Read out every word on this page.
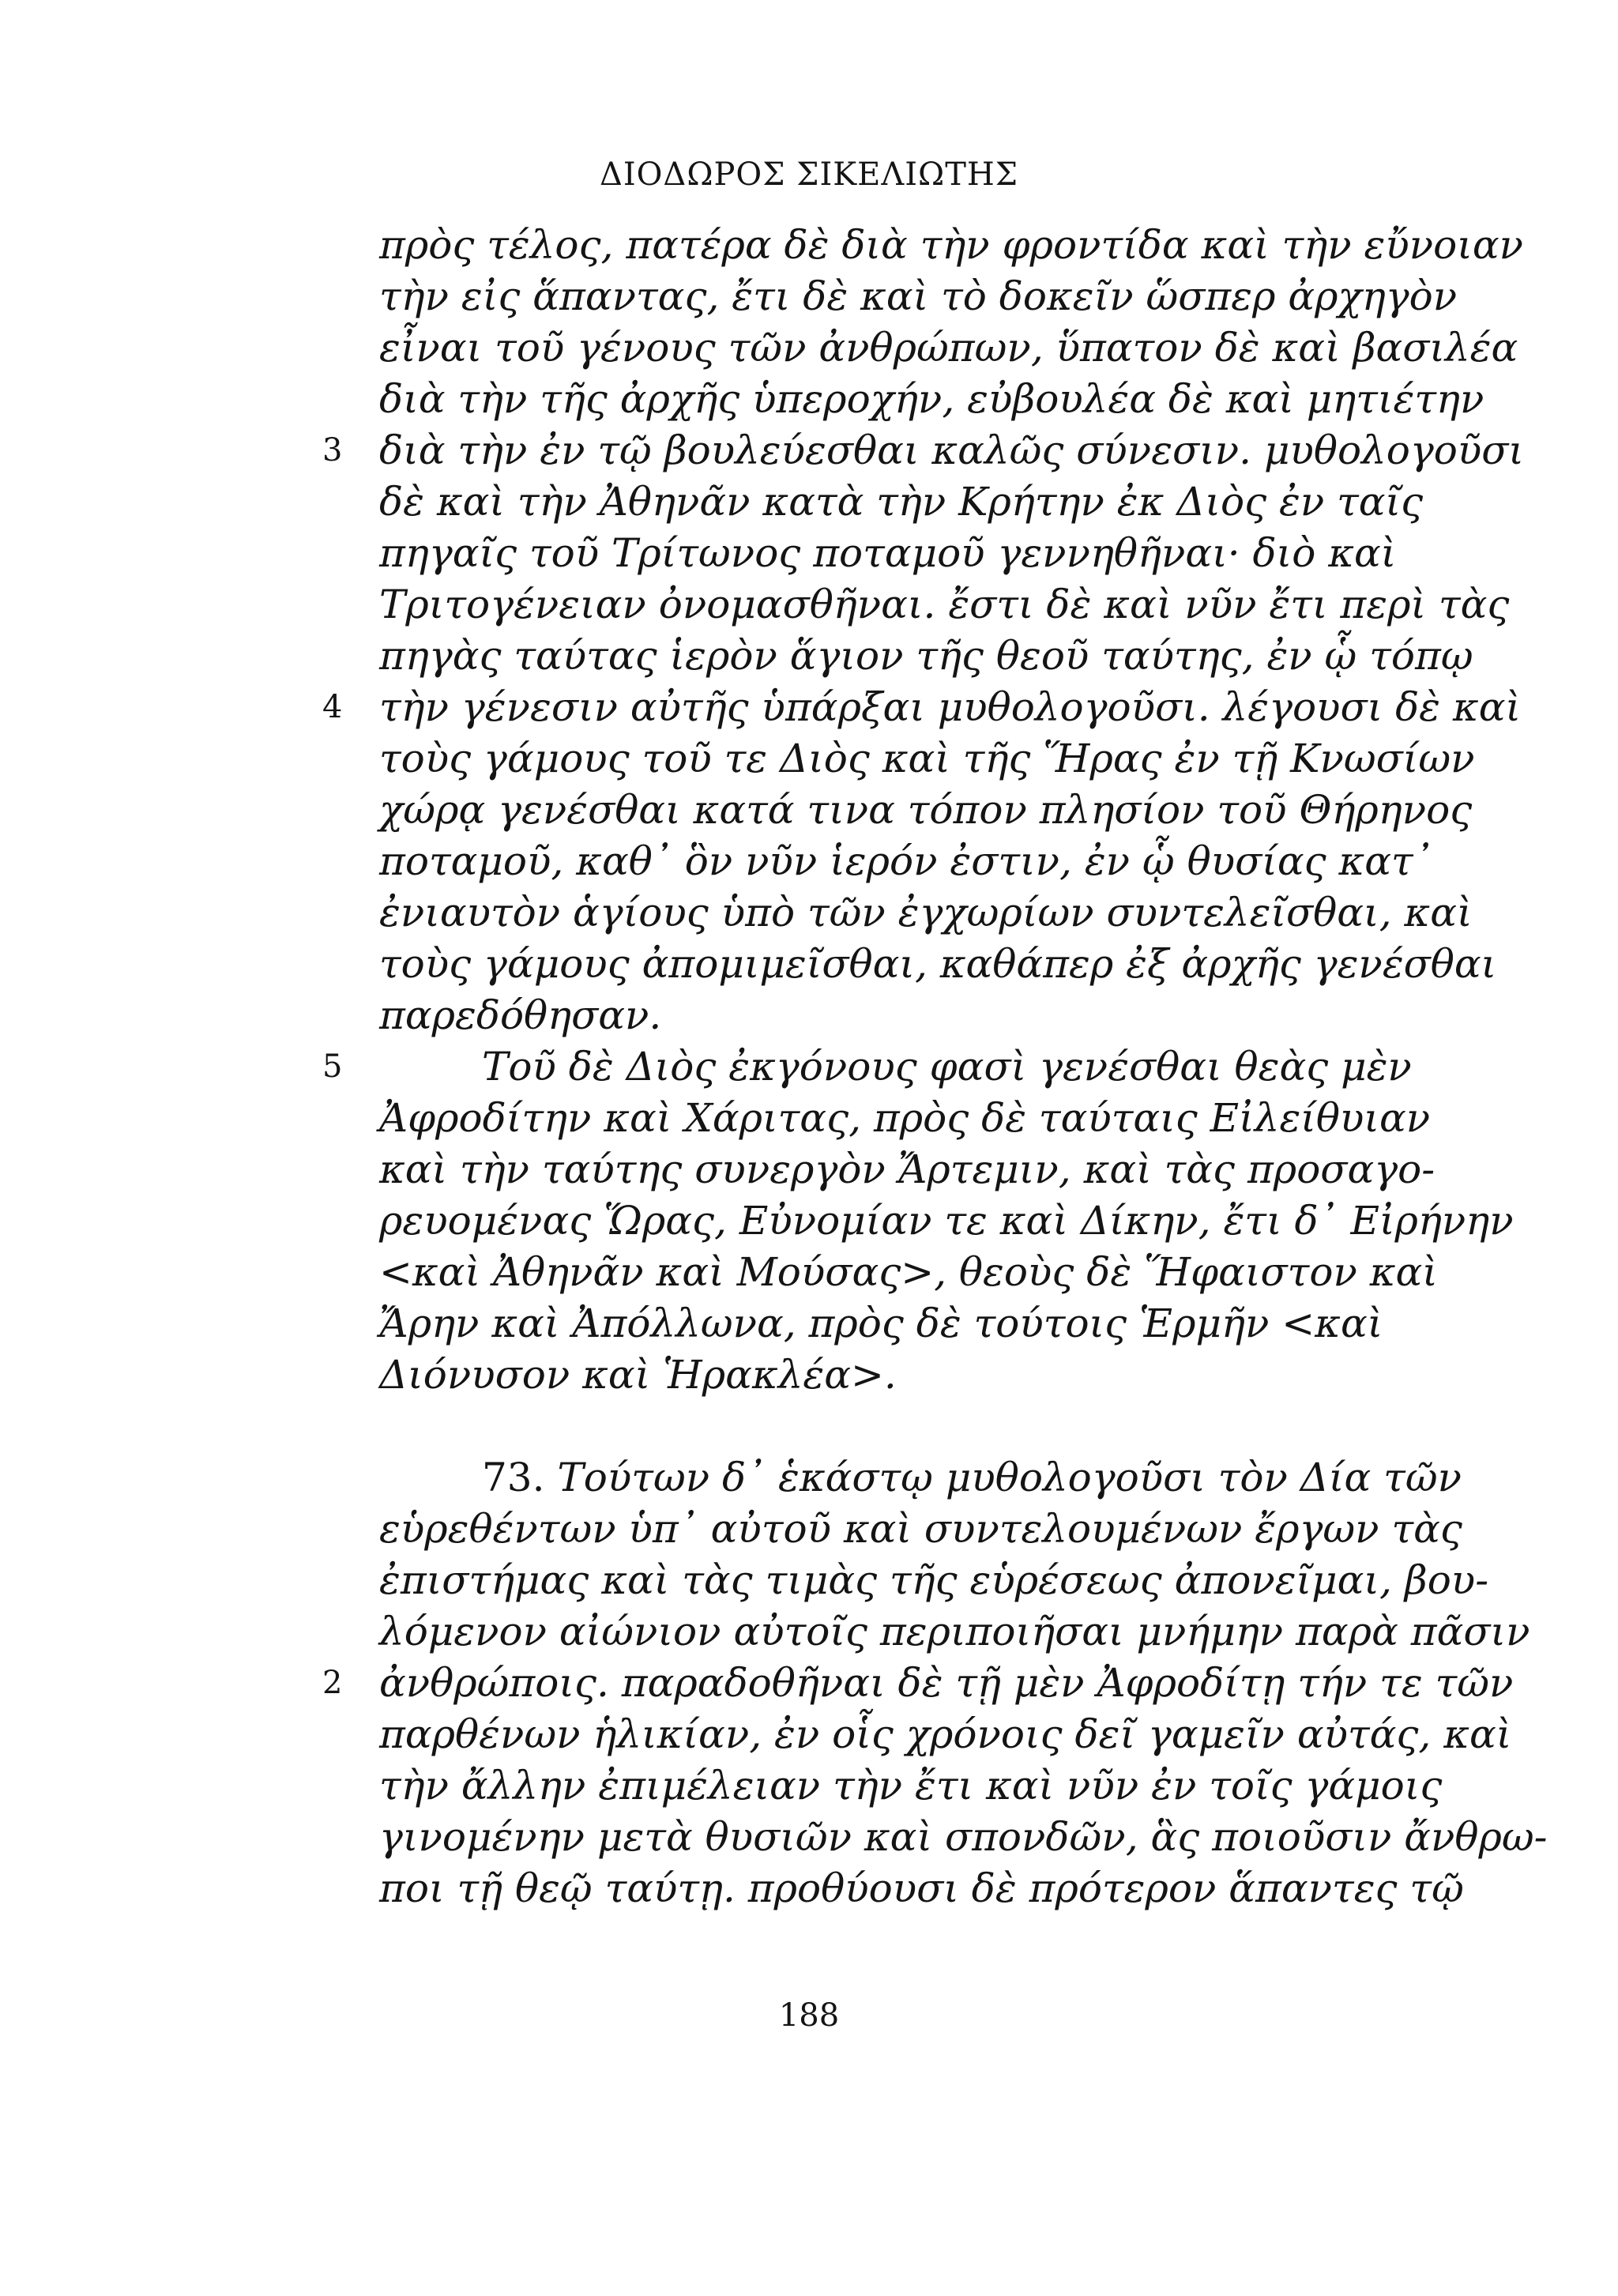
ΔΙΟΔΩΡΟΣ ΣΙΚΕΛΙΩΤΗΣ
πρὸς τέλος, πατέρα δὲ διὰ τὴν φροντίδα καὶ τὴν εὔνοιαν
τὴν εἰς ἅπαντας, ἔτι δὲ καὶ τὸ δοκεῖν ὥσπερ ἀρχηγὸν
εἶναι τοῦ γένους τῶν ἀνθρώπων, ὕπατον δὲ καὶ βασιλέα
διὰ τὴν τῆς ἀρχῆς ὑπεροχήν, εὐβουλέα δὲ καὶ μητιέτην
3 διὰ τὴν ἐν τῷ βουλεύεσθαι καλῶς σύνεσιν. μυθολογοῦσι
δὲ καὶ τὴν Ἀθηνᾶν κατὰ τὴν Κρήτην ἐκ Διὸς ἐν ταῖς
πηγαῖς τοῦ Τρίτωνος ποταμοῦ γεννηθῆναι· διὸ καὶ
Τριτογένειαν ὀνομασθῆναι. ἔστι δὲ καὶ νῦν ἔτι περὶ τὰς
πηγὰς ταύτας ἱερὸν ἅγιον τῆς θεοῦ ταύτης, ἐν ᾧ τόπῳ
4 τὴν γένεσιν αὐτῆς ὑπάρξαι μυθολογοῦσι. λέγουσι δὲ καὶ
τοὺς γάμους τοῦ τε Διὸς καὶ τῆς Ἥρας ἐν τῇ Κνωσίων
χώρᾳ γενέσθαι κατά τινα τόπον πλησίον τοῦ Θήρηνος
ποταμοῦ, καθ᾽ ὃν νῦν ἱερόν ἐστιν, ἐν ᾧ θυσίας κατ᾽
ἐνιαυτὸν ἁγίους ὑπὸ τῶν ἐγχωρίων συντελεῖσθαι, καὶ
τοὺς γάμους ἀπομιμεῖσθαι, καθάπερ ἐξ ἀρχῆς γενέσθαι
παρεδόθησαν.
5	Τοῦ δὲ Διὸς ἐκγόνους φασὶ γενέσθαι θεὰς μὲν
Ἀφροδίτην καὶ Χάριτας, πρὸς δὲ ταύταις Εἰλείθυιαν
καὶ τὴν ταύτης συνεργὸν Ἄρτεμιν, καὶ τὰς προσαγο-
ρευομένας Ὥρας, Εὐνομίαν τε καὶ Δίκην, ἔτι δ᾽ Εἰρήνην
<καὶ Ἀθηνᾶν καὶ Μούσας>, θεοὺς δὲ Ἥφαιστον καὶ
Ἄρην καὶ Ἀπόλλωνα, πρὸς δὲ τούτοις Ἑρμῆν <καὶ
Διόνυσον καὶ Ἡρακλέα>.
73. Τούτων δ᾽ ἑκάστῳ μυθολογοῦσι τὸν Δία τῶν
εὑρεθέντων ὑπ᾽ αὐτοῦ καὶ συντελουμένων ἔργων τὰς
ἐπιστήμας καὶ τὰς τιμὰς τῆς εὑρέσεως ἀπονεῖμαι, βου-
λόμενον αἰώνιον αὐτοῖς περιποιῆσαι μνήμην παρὰ πᾶσιν
2 ἀνθρώποις. παραδοθῆναι δὲ τῇ μὲν Ἀφροδίτῃ τήν τε τῶν
παρθένων ἡλικίαν, ἐν οἷς χρόνοις δεῖ γαμεῖν αὐτάς, καὶ
τὴν ἄλλην ἐπιμέλειαν τὴν ἔτι καὶ νῦν ἐν τοῖς γάμοις
γινομένην μετὰ θυσιῶν καὶ σπονδῶν, ἃς ποιοῦσιν ἄνθρω-
ποι τῇ θεῷ ταύτῃ. προθύουσι δὲ πρότερον ἅπαντες τῷ
188
